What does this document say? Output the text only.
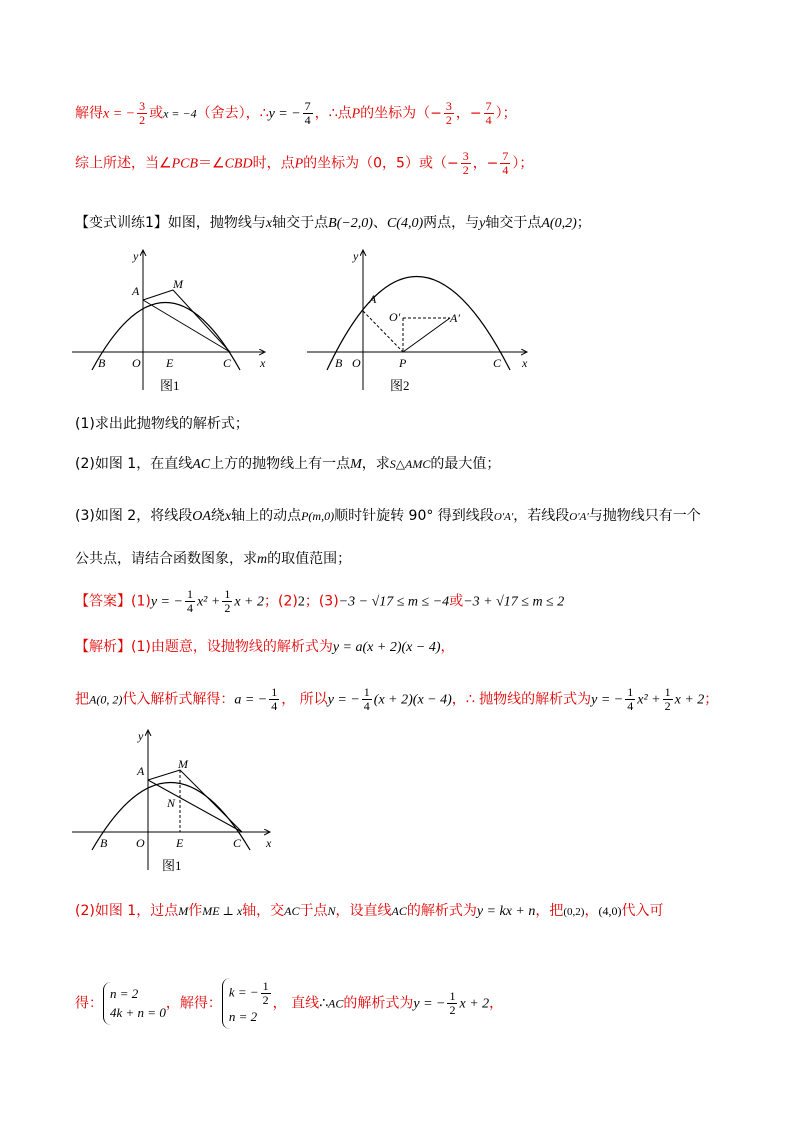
解得x = − $\frac{3}{2}$ 或x = −4（舍去），∴y = − $\frac{7}{4}$ ，∴点P的坐标为（− $\frac{3}{2}$ ，− $\frac{7}{4}$ ）；
综上所述，当∠PCB＝∠CBD时，点P的坐标为（0，5）或（− $\frac{3}{2}$ ，− $\frac{7}{4}$ ）；
【变式训练1】如图，抛物线与x轴交于点B(−2,0)、C(4,0)两点，与y轴交于点A(0,2)；
y
x
A	M
B O E	C
图1
y
x
A
O′	A′
B O	P	C
图2
(1)求出此抛物线的解析式；
(2)如图 1，在直线AC上方的抛物线上有一点M，求S△AMC的最大值；
(3)如图 2，将线段OA绕x轴上的动点P(m,0)顺时针旋转 90° 得到线段O′A′，若线段O′A′与抛物线只有一个
公共点，请结合函数图象，求m的取值范围；
【答案】(1)y = − $\frac{1}{4} x^2 + \frac{1}{2}$ x + 2；(2)2；(3)−3 − √17 ≤ m ≤ −4或−3 + √17 ≤ m ≤ 2
【解析】(1)由题意，设抛物线的解析式为y = a(x + 2)(x − 4)，
把A(0, 2)代入解析式解得：a = − $\frac{1}{4}$ ， 所以y = − $\frac{1}{4} (x + 2)(x - 4)$，∴ 抛物线的解析式为y = − $\frac{1}{4} x^2 + \frac{1}{2}$ x + 2；
y
x
A	M
N
B O	E	C
图1
(2)如图 1，过点M作ME ⊥ x轴，交AC于点N，设直线AC的解析式为y = kx + n，把(0,2)，(4,0)代入可
得：
n = 2
4k + n = 0
，解得：
k = − $\frac{1}{2}$
n = 2
， 直线∴AC的解析式为y = − $\frac{1}{2}$ x + 2，
